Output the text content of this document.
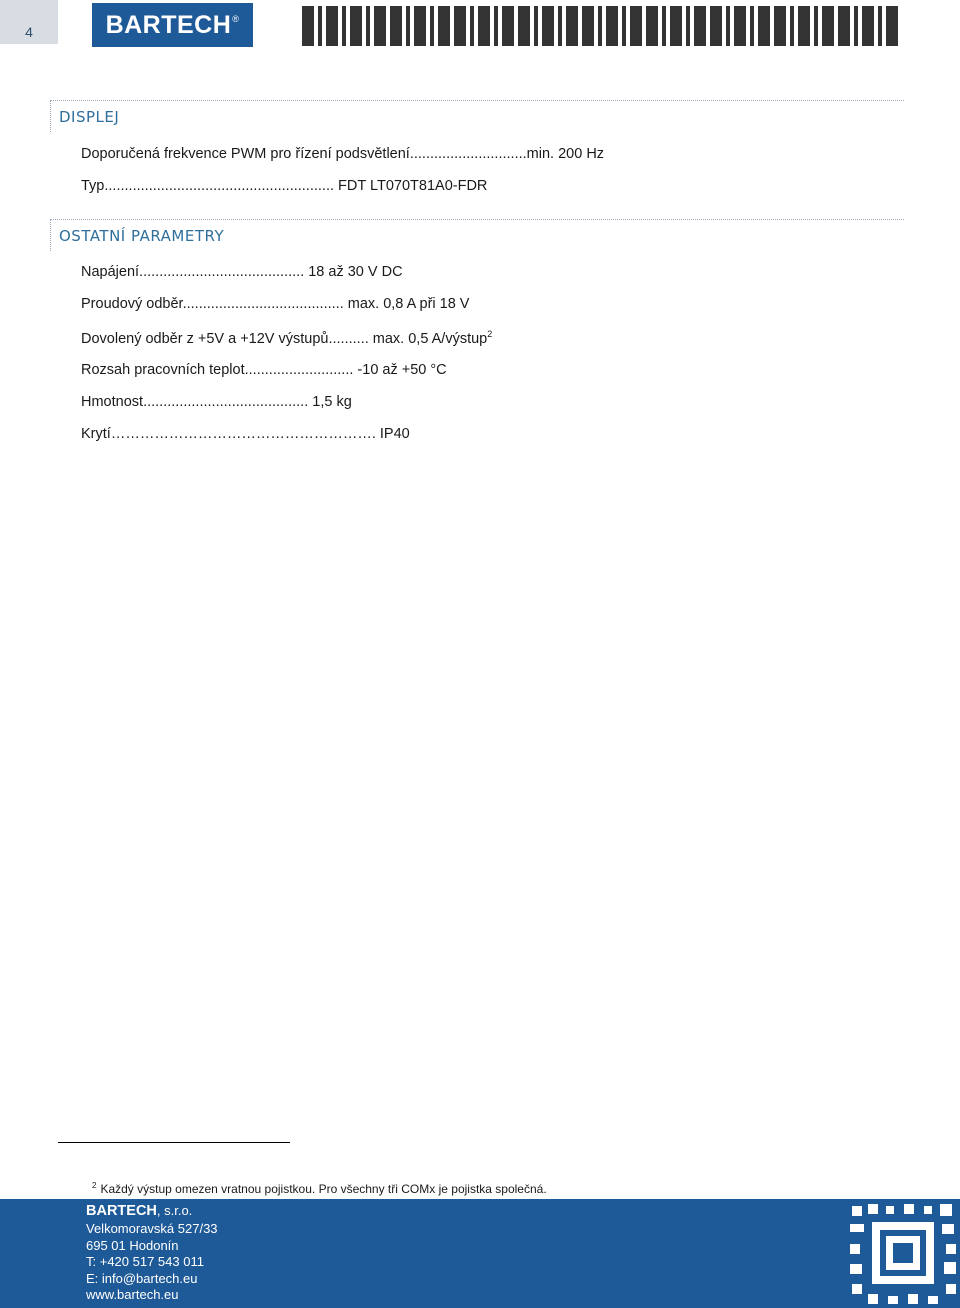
4	BARTECH®
DISPLEJ
Doporučená frekvence PWM pro řízení podsvětlení.............................min. 200 Hz
Typ......................................................... FDT LT070T81A0-FDR
OSTATNÍ PARAMETRY
Napájení......................................... 18 až 30 V DC
Proudový odběr........................................ max. 0,8 A při 18 V
Dovolený odběr z +5V a +12V výstupů.......... max. 0,5 A/výstup$^2$
Rozsah pracovních teplot........................... -10 až +50 °C
Hmotnost......................................... 1,5 kg
Krytí………………………………………………. IP40
$^2$ Každý výstup omezen vratnou pojistkou. Pro všechny tři COMx je pojistka společná.
BARTECH, s.r.o.
Velkomoravská 527/33
695 01 Hodonín
T: +420 517 543 011
E: info@bartech.eu
www.bartech.eu
